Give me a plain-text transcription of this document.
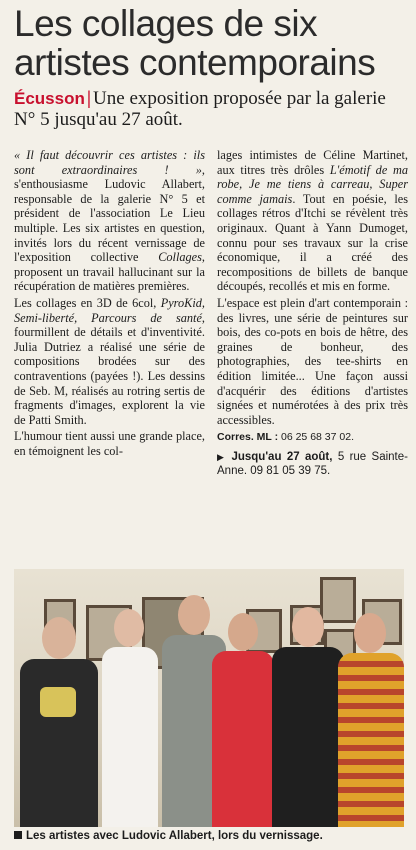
Les collages de six artistes contemporains
Écusson | Une exposition proposée par la galerie N° 5 jusqu'au 27 août.

« Il faut découvrir ces artistes : ils sont extraordinaires ! », s'enthousiasme Ludovic Allabert, responsable de la galerie N° 5 et président de l'association Le Lieu multiple. Les six artistes en question, invités lors du récent vernissage de l'exposition collective Collages, proposent un travail hallucinant sur la récupération de matières premières.

Les collages en 3D de 6col, PyroKid, Semi-liberté, Parcours de santé, fourmillent de détails et d'inventivité. Julia Dutriez a réalisé une série de compositions brodées sur des contraventions (payées !). Les dessins de Seb. M, réalisés au rotring sertis de fragments d'images, explorent la vie de Patti Smith.

L'humour tient aussi une grande place, en témoignent les col-

lages intimistes de Céline Martinet, aux titres très drôles L'émotif de ma robe, Je me tiens à carreau, Super comme jamais. Tout en poésie, les collages rétros d'Itchi se révèlent très originaux. Quant à Yann Dumoget, connu pour ses travaux sur la crise économique, il a créé des recompositions de billets de banque découpés, recollés et mis en forme.

L'espace est plein d'art contemporain : des livres, une série de peintures sur bois, des co-pots en bois de hêtre, des graines de bonheur, des photographies, des tee-shirts en édition limitée... Une façon aussi d'acquérir des éditions d'artistes signées et numérotées à des prix très accessibles.

Corres. ML : 06 25 68 37 02.
▶ Jusqu'au 27 août, 5 rue Sainte-Anne. 09 81 05 39 75.
Les artistes avec Ludovic Allabert, lors du vernissage.
